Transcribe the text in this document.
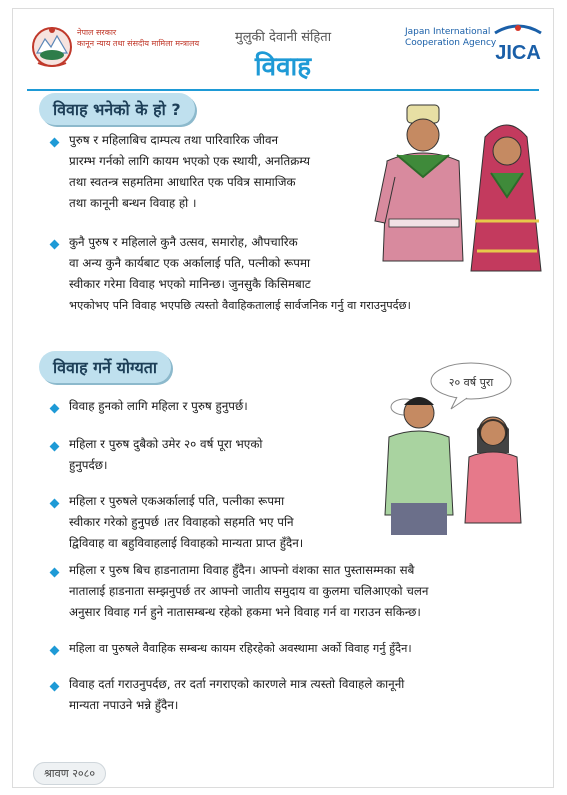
नेपाल सरकार
कानून न्याय तथा संसदीय मामिला मन्त्रालय	मुलुकी देवानी संहिता
विवाह
Japan International
Cooperation Agency
JICA
विवाह भनेको के हो ?
पुरुष र महिलाबिच दाम्पत्य तथा पारिवारिक जीवन
प्रारम्भ गर्नको लागि कायम भएको एक स्थायी, अनतिक्रम्य
तथा स्वतन्त्र सहमतिमा आधारित एक पवित्र सामाजिक
तथा कानूनी बन्धन विवाह हो ।
कुनै पुरुष र महिलाले कुनै उत्सव, समारोह, औपचारिक
वा अन्य कुनै कार्यबाट एक अर्कालाई पति, पत्नीको रूपमा
स्वीकार गरेमा विवाह भएको मानिन्छ। जुनसुकै किसिमबाट
भएकोभए पनि विवाह भएपछि त्यस्तो वैवाहिकतालाई सार्वजनिक गर्नु वा गराउनुपर्दछ।
विवाह गर्ने योग्यता
विवाह हुनको लागि महिला र पुरुष हुनुपर्छ।
महिला र पुरुष दुबैको उमेर २० वर्ष पूरा भएको
हुनुपर्दछ।
महिला र पुरुषले एकअर्कालाई पति, पत्नीका रूपमा
स्वीकार गरेको हुनुपर्छ ।तर विवाहको सहमति भए पनि
द्विविवाह वा बहुविवाहलाई विवाहको मान्यता प्राप्त हुँदैन।
२० वर्ष पुरा
महिला र पुरुष बिच हाडनातामा विवाह हुँदैन। आफ्नो वंशका सात पुस्तासम्मका सबै
नातालाई हाडनाता सम्झनुपर्छ तर आफ्नो जातीय समुदाय वा कुलमा चलिआएको चलन
अनुसार विवाह गर्न हुने नातासम्बन्ध रहेको हकमा भने विवाह गर्न वा गराउन सकिन्छ।
महिला वा पुरुषले वैवाहिक सम्बन्ध कायम रहिरहेको अवस्थामा अर्को विवाह गर्नु हुँदैन।
विवाह दर्ता गराउनुपर्दछ, तर दर्ता नगराएको कारणले मात्र त्यस्तो विवाहले कानूनी
मान्यता नपाउने भन्ने हुँदैन।
श्रावण २०८०
